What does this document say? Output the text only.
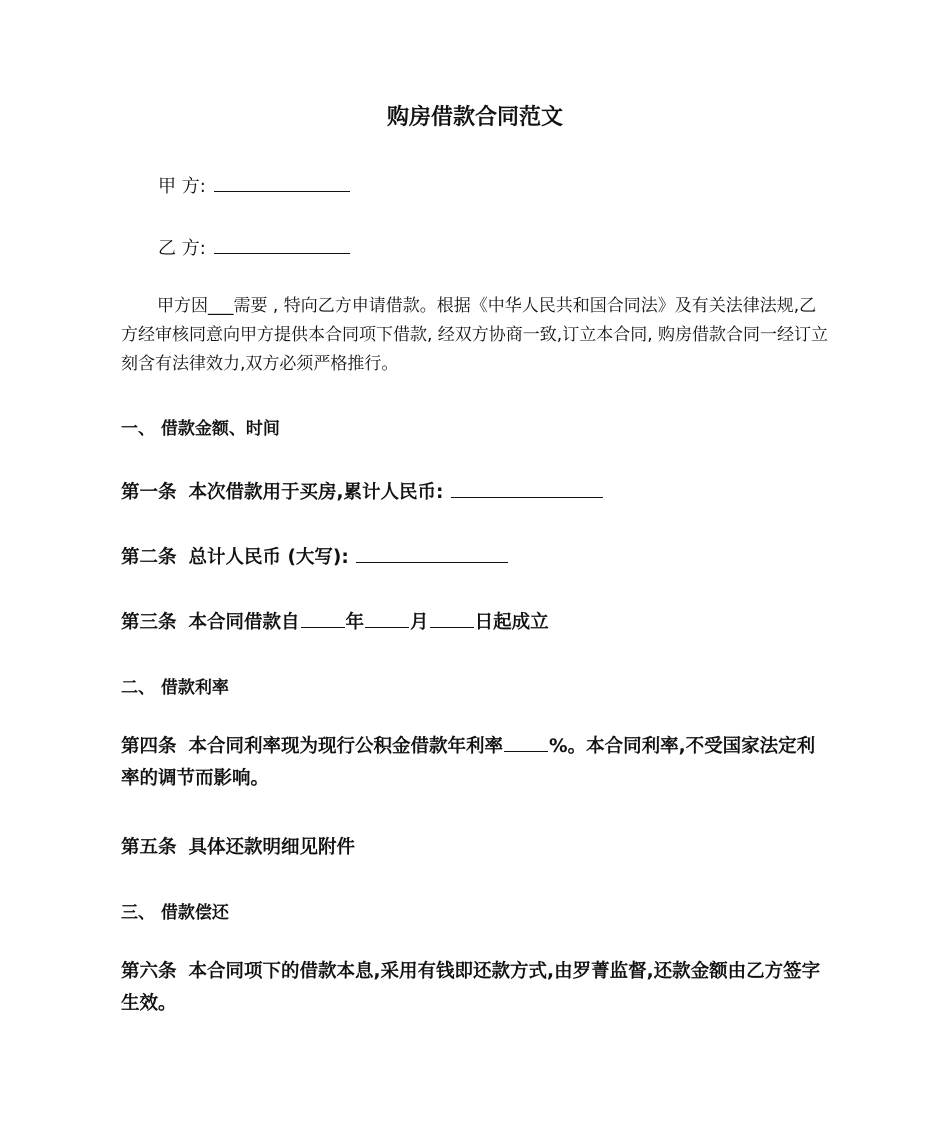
购房借款合同范文
甲 方:
乙 方:
甲方因___需要 , 特向乙方申请借款。根据《中华人民共和国合同法》及有关法律法规,乙方经审核同意向甲方提供本合同项下借款, 经双方协商一致,订立本合同, 购房借款合同一经订立刻含有法律效力,双方必须严格推行。
一、 借款金额、时间
第一条 本次借款用于买房,累计人民币:
第二条 总计人民币 (大写):
第三条 本合同借款自 年 月 日起成立
二、 借款利率
第四条 本合同利率现为现行公积金借款年利率 %。本合同利率,不受国家法定利率的调节而影响。
第五条 具体还款明细见附件
三、 借款偿还
第六条 本合同项下的借款本息,采用有钱即还款方式,由罗菁监督,还款金额由乙方签字生效。
